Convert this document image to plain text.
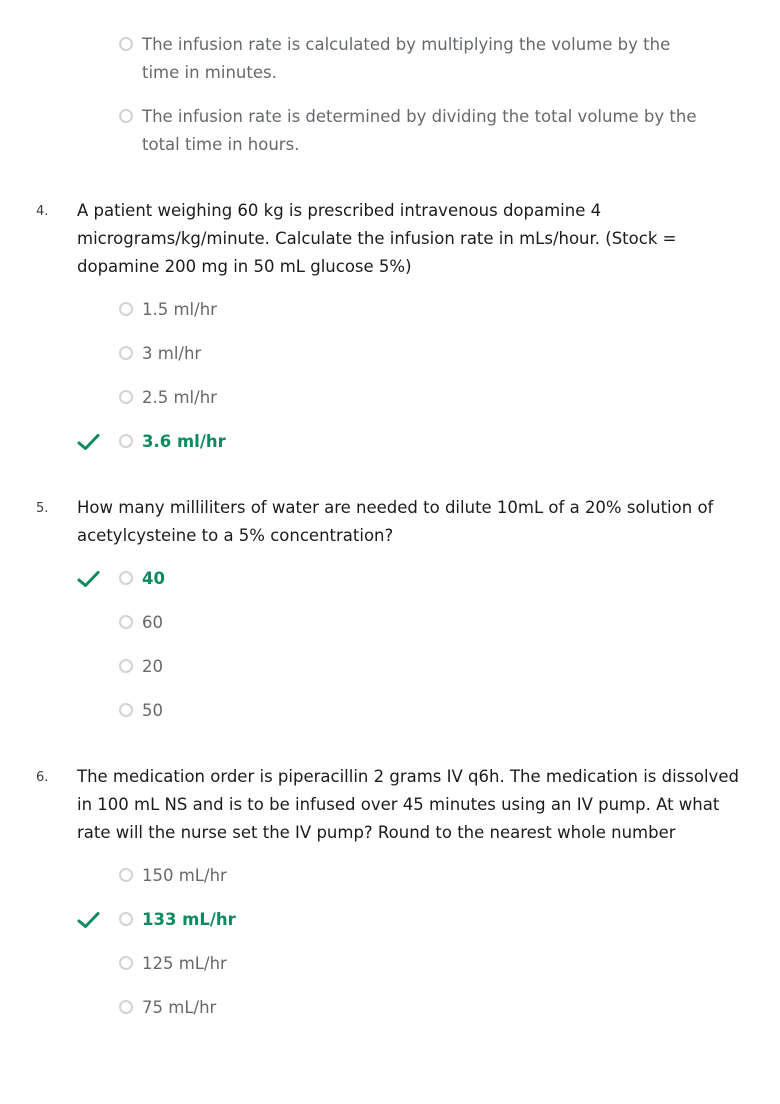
The infusion rate is calculated by multiplying the volume by the time in minutes.
The infusion rate is determined by dividing the total volume by the total time in hours.
4.	A patient weighing 60 kg is prescribed intravenous dopamine 4 micrograms/kg/minute. Calculate the infusion rate in mLs/hour. (Stock = dopamine 200 mg in 50 mL glucose 5%)
1.5 ml/hr
3 ml/hr
2.5 ml/hr
3.6 ml/hr
5.	How many milliliters of water are needed to dilute 10mL of a 20% solution of acetylcysteine to a 5% concentration?
40
60
20
50
6.	The medication order is piperacillin 2 grams IV q6h. The medication is dissolved in 100 mL NS and is to be infused over 45 minutes using an IV pump. At what rate will the nurse set the IV pump? Round to the nearest whole number
150 mL/hr
133 mL/hr
125 mL/hr
75 mL/hr
